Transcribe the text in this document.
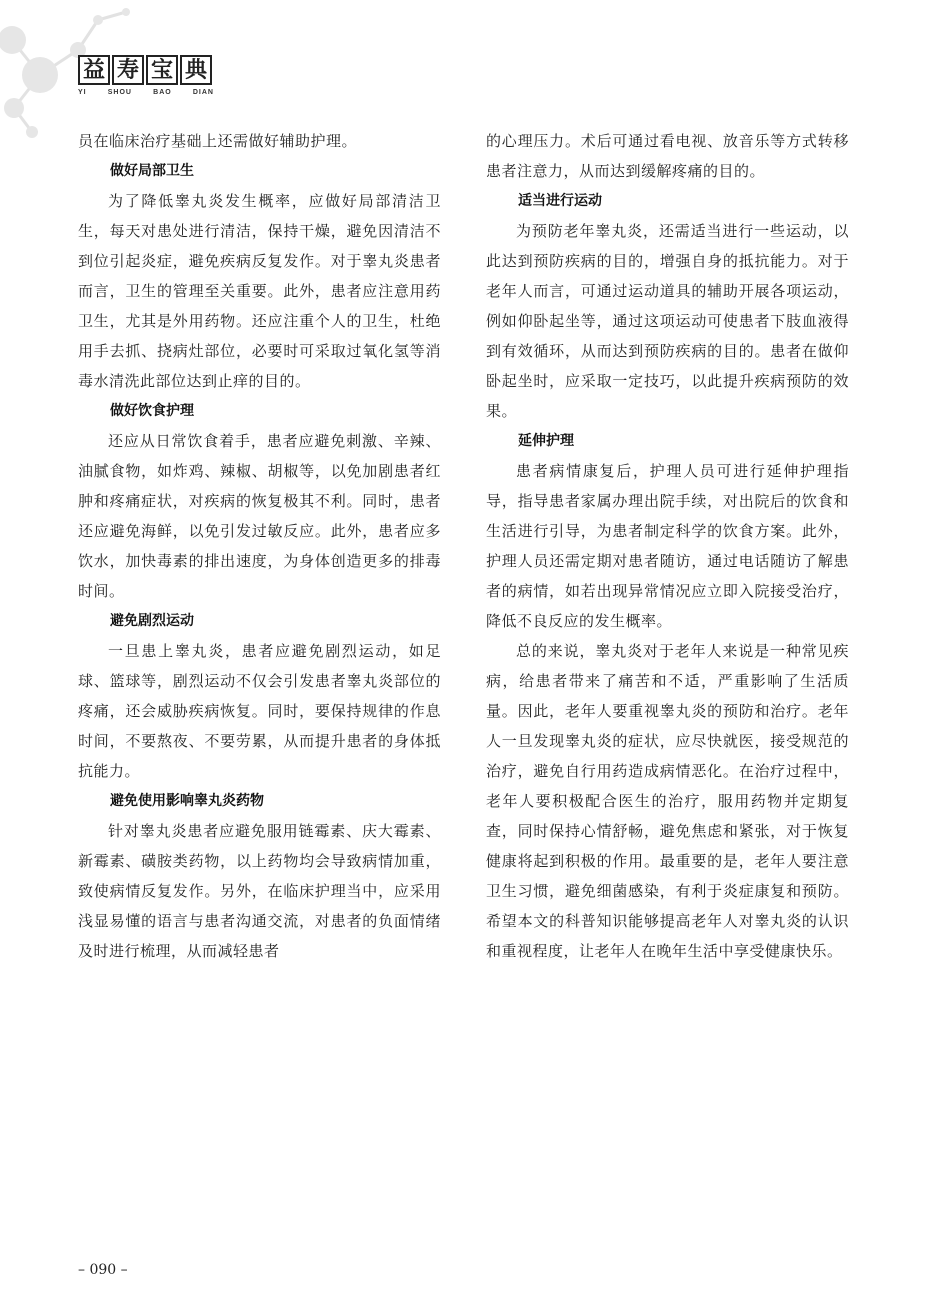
益 寿 宝 典
YI	SHOU	BAO	DIAN

员在临床治疗基础上还需做好辅助护理。

做好局部卫生

为了降低睾丸炎发生概率，应做好局部清洁卫生，每天对患处进行清洁，保持干燥，避免因清洁不到位引起炎症，避免疾病反复发作。对于睾丸炎患者而言，卫生的管理至关重要。此外，患者应注意用药卫生，尤其是外用药物。还应注重个人的卫生，杜绝用手去抓、挠病灶部位，必要时可采取过氧化氢等消毒水清洗此部位达到止痒的目的。

做好饮食护理

还应从日常饮食着手，患者应避免刺激、辛辣、油腻食物，如炸鸡、辣椒、胡椒等，以免加剧患者红肿和疼痛症状，对疾病的恢复极其不利。同时，患者还应避免海鲜，以免引发过敏反应。此外，患者应多饮水，加快毒素的排出速度，为身体创造更多的排毒时间。

避免剧烈运动

一旦患上睾丸炎，患者应避免剧烈运动，如足球、篮球等，剧烈运动不仅会引发患者睾丸炎部位的疼痛，还会威胁疾病恢复。同时，要保持规律的作息时间，不要熬夜、不要劳累，从而提升患者的身体抵抗能力。

避免使用影响睾丸炎药物

针对睾丸炎患者应避免服用链霉素、庆大霉素、新霉素、磺胺类药物，以上药物均会导致病情加重，致使病情反复发作。另外，在临床护理当中，应采用浅显易懂的语言与患者沟通交流，对患者的负面情绪及时进行梳理，从而减轻患者

的心理压力。术后可通过看电视、放音乐等方式转移患者注意力，从而达到缓解疼痛的目的。

适当进行运动

为预防老年睾丸炎，还需适当进行一些运动，以此达到预防疾病的目的，增强自身的抵抗能力。对于老年人而言，可通过运动道具的辅助开展各项运动，例如仰卧起坐等，通过这项运动可使患者下肢血液得到有效循环，从而达到预防疾病的目的。患者在做仰卧起坐时，应采取一定技巧，以此提升疾病预防的效果。

延伸护理

患者病情康复后，护理人员可进行延伸护理指导，指导患者家属办理出院手续，对出院后的饮食和生活进行引导，为患者制定科学的饮食方案。此外，护理人员还需定期对患者随访，通过电话随访了解患者的病情，如若出现异常情况应立即入院接受治疗，降低不良反应的发生概率。

总的来说，睾丸炎对于老年人来说是一种常见疾病，给患者带来了痛苦和不适，严重影响了生活质量。因此，老年人要重视睾丸炎的预防和治疗。老年人一旦发现睾丸炎的症状，应尽快就医，接受规范的治疗，避免自行用药造成病情恶化。在治疗过程中，老年人要积极配合医生的治疗，服用药物并定期复查，同时保持心情舒畅，避免焦虑和紧张，对于恢复健康将起到积极的作用。最重要的是，老年人要注意卫生习惯，避免细菌感染，有利于炎症康复和预防。希望本文的科普知识能够提高老年人对睾丸炎的认识和重视程度，让老年人在晚年生活中享受健康快乐。

– 090 –
